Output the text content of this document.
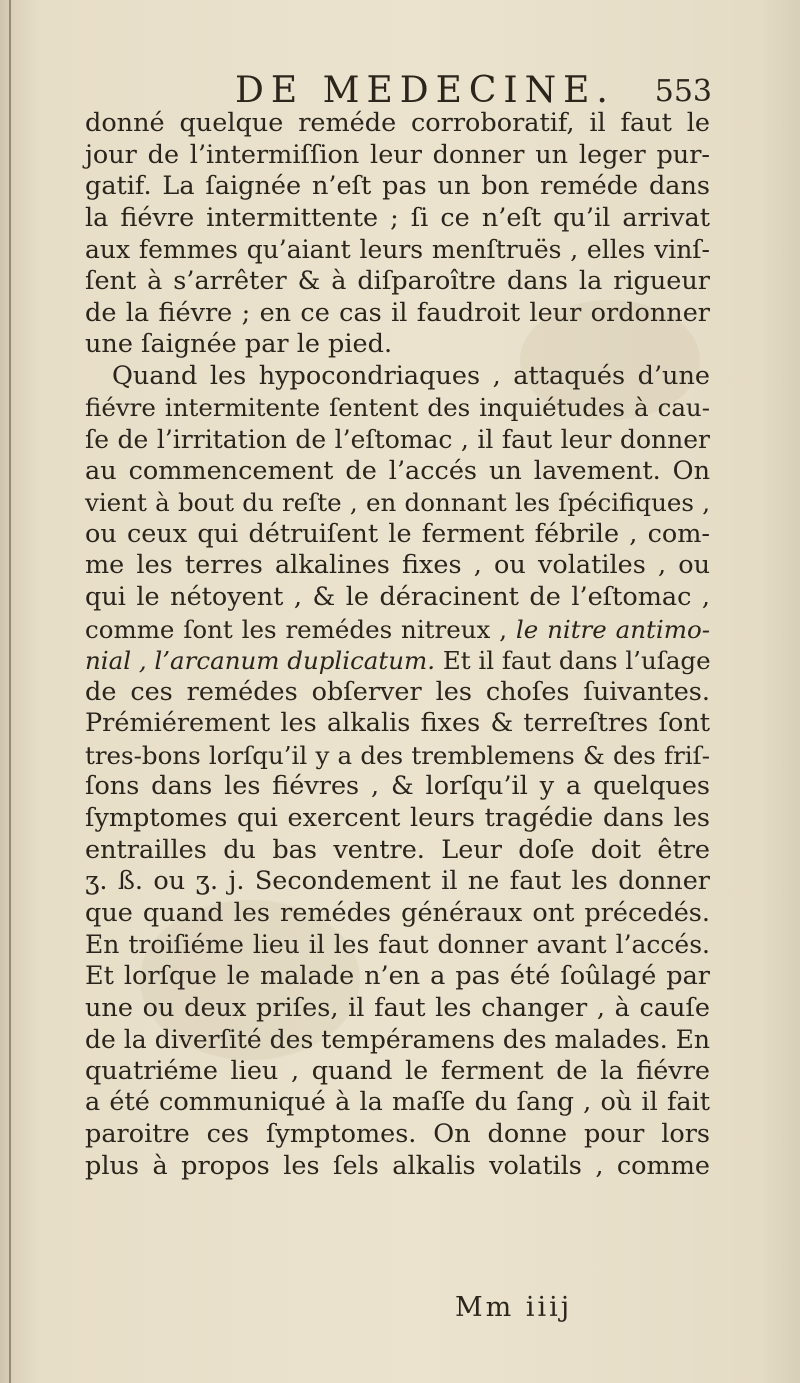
DE MEDECINE. 553
donné quelque reméde corroboratif, il faut le
jour de l’intermiſſion leur donner un leger pur-
gatif. La ſaignée n’eſt pas un bon reméde dans
la fiévre intermittente ; ſi ce n’eſt qu’il arrivat
aux femmes qu’aiant leurs menſtruës , elles vinſ-
ſent à s’arrêter & à diſparoître dans la rigueur
de la fiévre ; en ce cas il faudroit leur ordonner
une ſaignée par le pied.
Quand les hypocondriaques , attaqués d’une
fiévre intermitente ſentent des inquiétudes à cau-
ſe de l’irritation de l’eſtomac , il faut leur donner
au commencement de l’accés un lavement. On
vient à bout du reſte , en donnant les ſpécifiques ,
ou ceux qui détruiſent le ferment fébrile , com-
me les terres alkalines fixes , ou volatiles , ou
qui le nétoyent , & le déracinent de l’eſtomac ,
comme ſont les remédes nitreux , le nitre antimo-
nial , l’arcanum duplicatum. Et il faut dans l’uſage
de ces remédes obſerver les choſes ſuivantes.
Prémiérement les alkalis fixes & terreſtres ſont
tres-bons lorſqu’il y a des tremblemens & des friſ-
ſons dans les fiévres , & lorſqu’il y a quelques
ſymptomes qui exercent leurs tragédie dans les
entrailles du bas ventre. Leur doſe doit être
ʒ. ß. ou ʒ. j. Secondement il ne faut les donner
que quand les remédes généraux ont précedés.
En troiſiéme lieu il les faut donner avant l’accés.
Et lorſque le malade n’en a pas été ſoûlagé par
une ou deux priſes, il faut les changer , à cauſe
de la diverſité des tempéramens des malades. En
quatriéme lieu , quand le ferment de la fiévre
a été communiqué à la maſſe du ſang , où il fait
paroitre ces ſymptomes. On donne pour lors
plus à propos les ſels alkalis volatils , comme
Mm iiij
